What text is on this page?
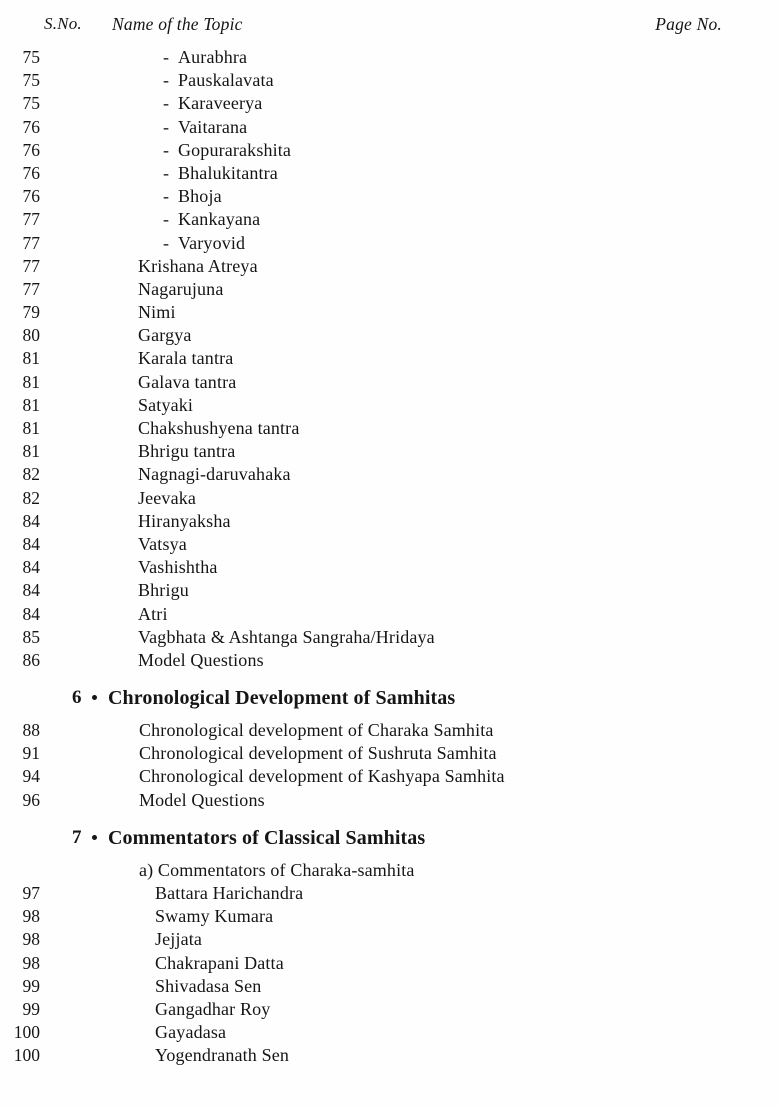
S.No. Name of the Topic	Page No.
- Aurabhra
75
- Pauskalavata
75
- Karaveerya
75
- Vaitarana
76
- Gopurarakshita
76
- Bhalukitantra
76
- Bhoja
76
- Kankayana
77
- Varyovid
77
Krishana Atreya
77
Nagarujuna
77
Nimi
79
Gargya
80
Karala tantra
81
Galava tantra
81
Satyaki
81
Chakshushyena tantra
81
Bhrigu tantra
81
Nagnagi-daruvahaka
82
Jeevaka
82
Hiranyaksha
84
Vatsya
84
Vashishtha
84
Bhrigu
84
Atri
84
Vagbhata & Ashtanga Sangraha/Hridaya
85
Model Questions
86
6 Chronological Development of Samhitas
Chronological development of Charaka Samhita
88
Chronological development of Sushruta Samhita
91
Chronological development of Kashyapa Samhita
94
Model Questions
96
7 Commentators of Classical Samhitas
a) Commentators of Charaka-samhita
Battara Harichandra
97
Swamy Kumara
98
Jejjata
98
Chakrapani Datta
98
Shivadasa Sen
99
Gangadhar Roy
99
Gayadasa
100
Yogendranath Sen
100
